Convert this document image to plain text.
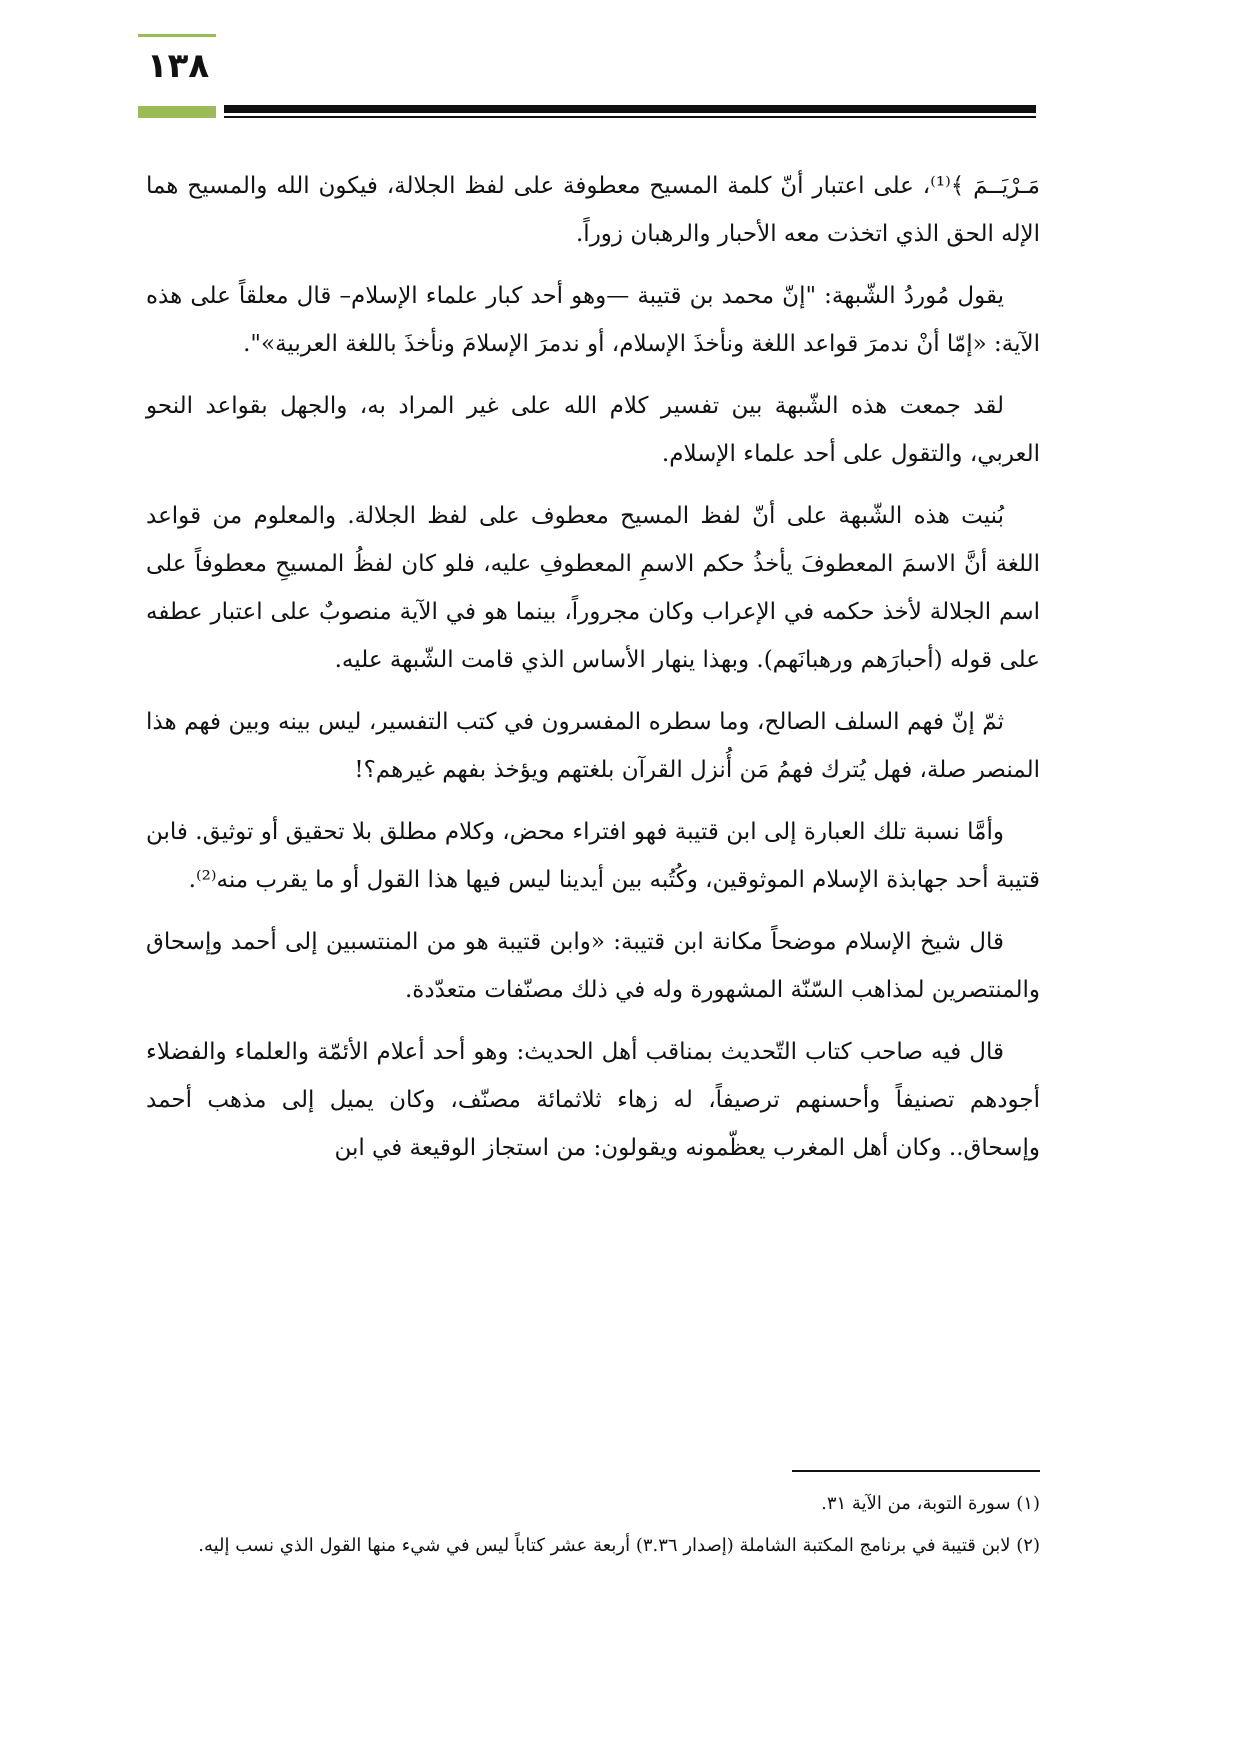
١٣٨

مَـرْيَــمَ ﴾⁽¹⁾، على اعتبار أنّ كلمة المسيح معطوفة على لفظ الجلالة، فيكون الله والمسيح هما الإله الحق الذي اتخذت معه الأحبار والرهبان زوراً.

يقول مُوردُ الشّبهة: "إنّ محمد بن قتيبة —وهو أحد كبار علماء الإسلام– قال معلقاً على هذه الآية: «إمّا أنْ ندمرَ قواعد اللغة ونأخذَ الإسلام، أو ندمرَ الإسلامَ ونأخذَ باللغة العربية»".

لقد جمعت هذه الشّبهة بين تفسير كلام الله على غير المراد به، والجهل بقواعد النحو العربي، والتقول على أحد علماء الإسلام.

بُنيت هذه الشّبهة على أنّ لفظ المسيح معطوف على لفظ الجلالة. والمعلوم من قواعد اللغة أنَّ الاسمَ المعطوفَ يأخذُ حكم الاسمِ المعطوفِ عليه، فلو كان لفظُ المسيحِ معطوفاً على اسم الجلالة لأخذ حكمه في الإعراب وكان مجروراً، بينما هو في الآية منصوبٌ على اعتبار عطفه على قوله (أحبارَهم ورهبانَهم). وبهذا ينهار الأساس الذي قامت الشّبهة عليه.

ثمّ إنّ فهم السلف الصالح، وما سطره المفسرون في كتب التفسير، ليس بينه وبين فهم هذا المنصر صلة، فهل يُترك فهمُ مَن أُنزل القرآن بلغتهم ويؤخذ بفهم غيرهم؟!

وأمَّا نسبة تلك العبارة إلى ابن قتيبة فهو افتراء محض، وكلام مطلق بلا تحقيق أو توثيق. فابن قتيبة أحد جهابذة الإسلام الموثوقين، وكُتُبه بين أيدينا ليس فيها هذا القول أو ما يقرب منه⁽²⁾.

قال شيخ الإسلام موضحاً مكانة ابن قتيبة: «وابن قتيبة هو من المنتسبين إلى أحمد وإسحاق والمنتصرين لمذاهب السّنّة المشهورة وله في ذلك مصنّفات متعدّدة.

قال فيه صاحب كتاب التّحديث بمناقب أهل الحديث: وهو أحد أعلام الأئمّة والعلماء والفضلاء أجودهم تصنيفاً وأحسنهم ترصيفاً، له زهاء ثلاثمائة مصنّف، وكان يميل إلى مذهب أحمد وإسحاق.. وكان أهل المغرب يعظّمونه ويقولون: من استجاز الوقيعة في ابن

(١) سورة التوبة، من الآية ٣١.

(٢) لابن قتيبة في برنامج المكتبة الشاملة (إصدار ٣.٣٦) أربعة عشر كتاباً ليس في شيء منها القول الذي نسب إليه.
